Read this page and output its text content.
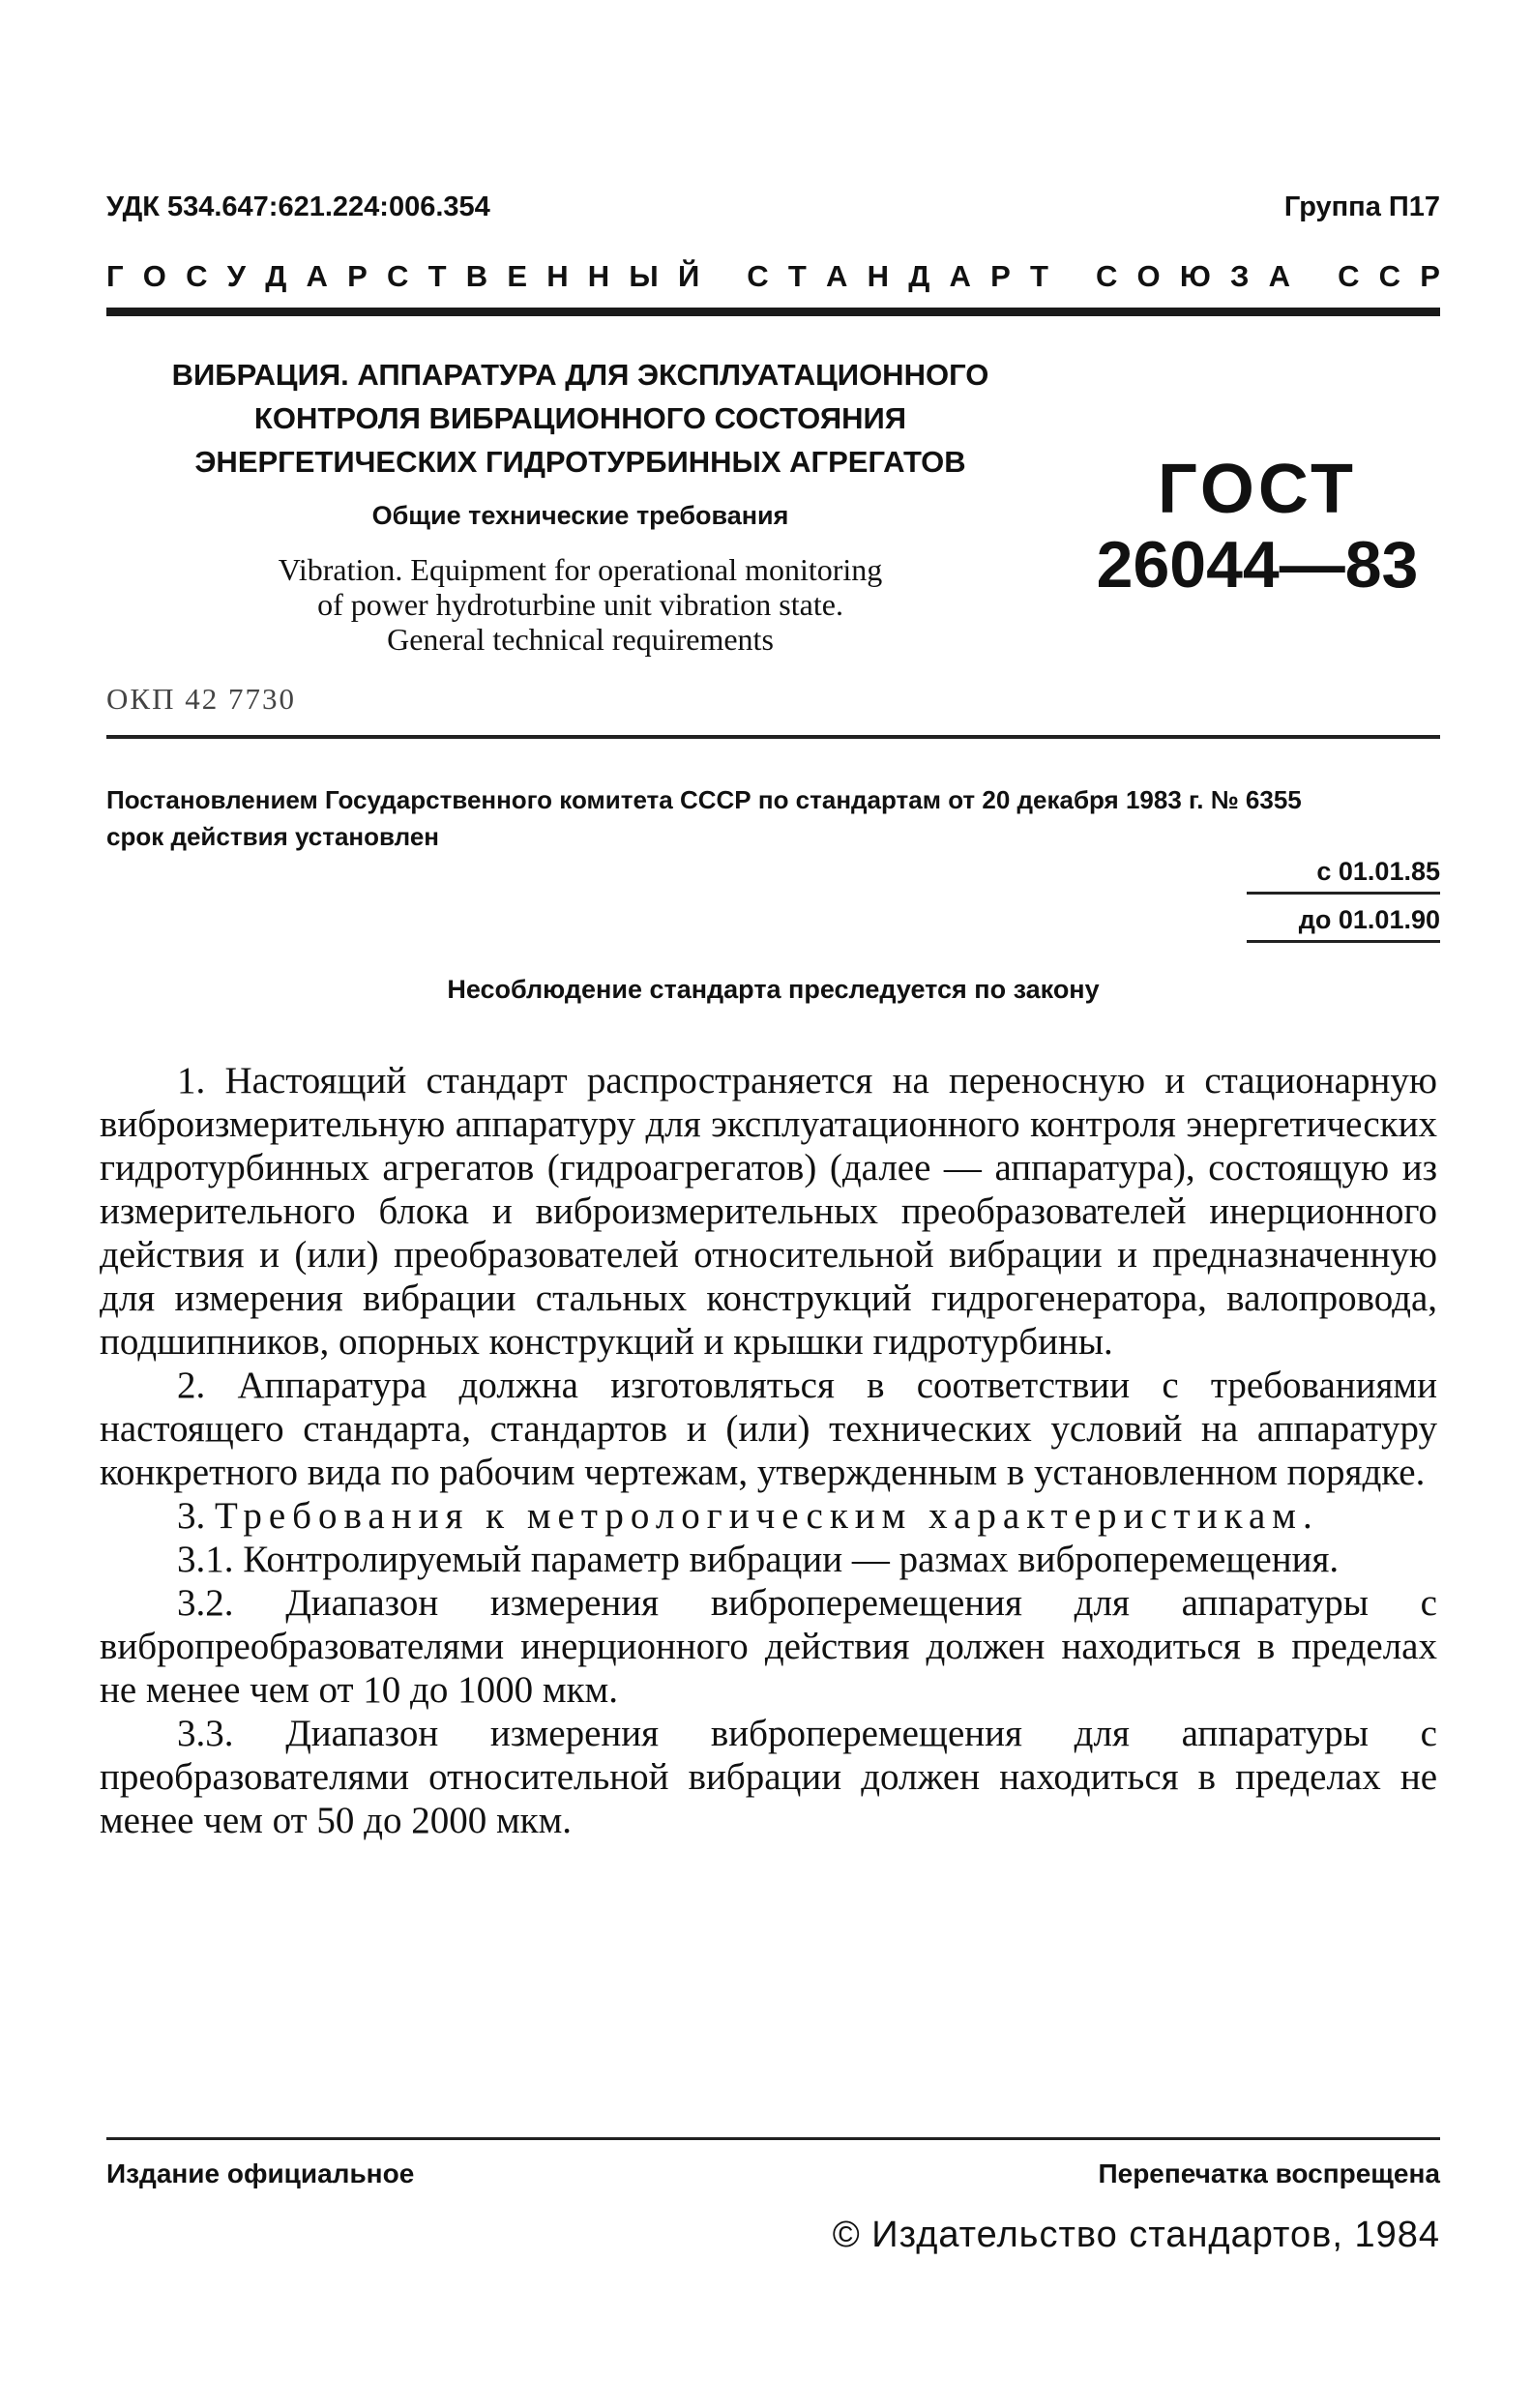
УДК 534.647:621.224:006.354	Группа П17
Г О С У Д А Р С Т В Е Н Н Ы Й
С Т А Н Д А Р Т
С О Ю З А
С С Р
ВИБРАЦИЯ. АППАРАТУРА ДЛЯ ЭКСПЛУАТАЦИОННОГО
КОНТРОЛЯ ВИБРАЦИОННОГО СОСТОЯНИЯ
ЭНЕРГЕТИЧЕСКИХ ГИДРОТУРБИННЫХ АГРЕГАТОВ
Общие технические требования
Vibration. Equipment for operational monitoring
of power hydroturbine unit vibration state.
General technical requirements
ГОСТ
26044—83
ОКП 42 7730
Постановлением Государственного комитета СССР по стандартам от 20 декабря 1983 г. № 6355 срок действия установлен
с 01.01.85
до 01.01.90
Несоблюдение стандарта преследуется по закону

1. Настоящий стандарт распространяется на переносную и стационарную виброизмерительную аппаратуру для эксплуатационного контроля энергетических гидротурбинных агрегатов (гидроагрегатов) (далее — аппаратура), состоящую из измерительного блока и виброизмерительных преобразователей инерционного действия и (или) преобразователей относительной вибрации и предназначенную для измерения вибрации стальных конструкций гидрогенератора, валопровода, подшипников, опорных конструкций и крышки гидротурбины.

2. Аппаратура должна изготовляться в соответствии с требованиями настоящего стандарта, стандартов и (или) технических условий на аппаратуру конкретного вида по рабочим чертежам, утвержденным в установленном порядке.

3. Требования к метрологическим характеристикам.

3.1. Контролируемый параметр вибрации — размах виброперемещения.

3.2. Диапазон измерения виброперемещения для аппаратуры с вибропреобразователями инерционного действия должен находиться в пределах не менее чем от 10 до 1000 мкм.

3.3. Диапазон измерения виброперемещения для аппаратуры с преобразователями относительной вибрации должен находиться в пределах не менее чем от 50 до 2000 мкм.

Издание официальное	Перепечатка воспрещена
© Издательство стандартов, 1984
